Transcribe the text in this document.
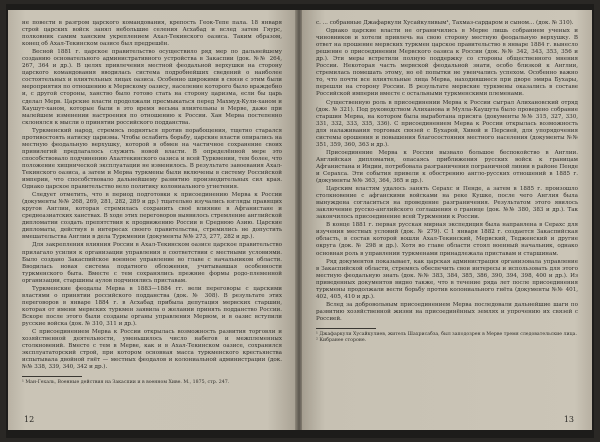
не повести в разгром царского командования, крепость Геок-Тепе пала. 18 января строй царских войск занял небольшие селения Асхабад и вслед затем Гяурс, полковник самим ханским укреплением Ахал-Текинского оазиса. Таким образом, конец об Ахал-Текинском оазисе был предрешён.

Весной 1881 г. царское правительство осуществило ряд мер по дальнейшему созданию основательного административного устройства в Закаспии (док. №№ 264, 267, 364 и др.). В целях привлечения местной феодальной верхушки на сторону царского командования вводилась система подробнейших сведений о наиболее состоятельных и влиятельных лицах оазиса. Особенно широкими в связи с этим были мероприятия по отношению к Мервскому оазису, население которого было враждебно и, с другой стороны, ханство было готово стать на сторону царизма, если бы царь сделал Мерв. Царские власти продолжали пресмыкаться перед Махмуд-Кули-ханом и Каушут-ханом, которые были в это время весьма влиятельны в Мерве, даже при малейшем изменении настроения по отношению к России. Хан Мерва постепенно склонялся к мысли о принятии российского подданства.

Туркменский народ, стремясь подняться против порабощения, тщетно старался противостоять натиску царизма. Чтобы ослабить борьбу, царские власти опирались на местную феодальную верхушку, которой в обмен на частичное сохранение своих привилегий предлагалось служить новой власти. В определённой мере это способствовало подчинению Ахалтекинского оазиса и всей Туркмении, тем более, что положение хищнической эксплуатации не изменилось. В результате завоевания Ахал-Текинского оазиса, а затем и Мерва туркмены были включены в систему Российской империи, что способствовало дальнейшему развитию производительных сил края. Однако царское правительство вело политику колониального угнетения.

Следует отметить, что в период подготовки к присоединению Мерва к России (документы №№ 268, 269, 281, 282, 289 и др.) тщательно изучались взгляды правящих кругов Англии, которая стремилась сохранить своё влияние в Афганистане и среднеазиатских ханствах. В ходе этих переговоров выявилось стремление английской дипломатии создать препятствия к продвижению России в Среднюю Азию. Царские дипломаты, действуя в интересах своего правительства, стремились не допустить вмешательства Англии в дела Туркмении (документы №№ 273, 277, 282 и др.).

Для закрепления влияния России в Ахал-Текинском оазисе царское правительство прилагало усилия к организации управления в соответствии с местными условиями. Было создано Закаспийское военное управление во главе с начальником области. Вводилась новая система податного обложения, учитывавшая особенности туркменского быта. Вместе с тем сохранялись прежние формы родо-племенной организации, старшины аулов подчинялись приставам.

Туркменские феодалы Мерва в 1883—1884 гг. вели переговоры с царскими властями о принятии российского подданства (док. № 308). В результате этих переговоров в январе 1884 г. в Асхабад прибыла депутация мервских старшин, которая от имени мервских туркмен заявила о желании принять подданство России. Вскоре после этого были созданы органы управления Мервом, и в оазис вступили русские войска (док. № 310, 311 и др.).

С присоединением Мерва к России открылась возможность развития торговли и хозяйственной деятельности, уменьшилось число набегов и межплеменных столкновений. Вместе с тем в Мерве, как и в Ахал-Текинском оазисе, сохранился эксплуататорский строй, при котором основная масса туркменского крестьянства испытывала двойной гнёт — местных феодалов и колониальной администрации (док. №№ 338, 339, 340, 342 и др.).

¹ Ман-Гехаль, Военные действия на Закаспии и в военном Хиве. М., 1875, стр. 247.

12

с. ... собранные Джафаркули Хусайкуливым¹, Тахмаз-сардаром и сыном... (док. № 310).

Однако царские власти не ограничились в Мерве лишь собранием ученых и чиновников и хотели привлечь на свою сторону местную феодальную верхушку. В ответ на прошение мервских туркмен царское правительство в январе 1884 г. вынесло решение о присоединении Мервского оазиса к России (док. №№ 342, 343, 353, 356 и др.). Эти меры встретили полную поддержку со стороны общественного мнения России. Некоторая часть мервской феодальной знати, особо близкой к Англии, стремилась помешать этому, но её попытки не увенчались успехом. Особенно важно то, что почти все влиятельные лица Мерва, находившиеся при дворе эмира Бухары, перешли на сторону России. В результате мервские туркмены оказались в составе Российской империи вместе с остальными туркменскими племенами.

Существенную роль в присоединении Мерва к России сыграл Алихановский отряд (док. № 321). Под руководством Алиханова и Мулла-Каушута было проведено собрание старшин Мерва, на котором была выработана присяга (документы №№ 315, 327, 330, 331, 332, 333, 335, 336). С присоединением Мерва к России открылась возможность для налаживания торговых связей с Бухарой, Хивой и Персией, для упорядочения системы орошения и повышения благосостояния местного населения (документы №№ 351, 359, 360, 363 и др.).

Присоединение Мерва к России вызвало большое беспокойство в Англии. Английская дипломатия, опасаясь приближения русских войск к границам Афганистана и Индии, потребовала разграничения пограничной линии в районе Пенде и Серахса. Эти события привели к обострению англо-русских отношений в 1885 г. (документы №№ 363, 364, 365 и др.).

Царским властям удалось занять Серахс и Пенде, а затем в 1885 г. произошло столкновение с афганскими войсками на реке Кушке, после чего Англия была вынуждена согласиться на проведение разграничения. Результатом этого явилось заключение русско-английского соглашения о границе (док. №№ 380, 383 и др.). Так закончилось присоединение всей Туркмении к России.

В конце 1881 г. первая русская мирная экспедиция была направлена в Серахс для изучения местных условий (док. № 279). С 1 января 1882 г. создается Закаспийская область, в состав которой вошли Ахал-Текинский, Мервский, Тедженский и другие округа (док. № 298 и др.). Хотя во главе области стоял военный начальник, однако основная роль в управлении туркменами принадлежала приставам и старшинам.

Ряд документов показывает, как царская администрация организовала управление в Закаспийской области, стремясь обеспечить свои интересы и использовать для этого местную феодальную знать (док. №№ 383, 384, 385, 386, 390, 394, 398, 400 и др.). Из приведенных документов видно также, что в течение ряда лет после присоединения туркмены продолжали вести борьбу против колониального гнёта (документы №№ 401, 402, 405, 410 и др.).

Вслед за добровольным присоединением Мерва последовали дальнейшие шаги по развитию хозяйственной жизни на присоединённых землях и упрочению их связей с Россией.

¹ Джафаркули Хусайкулиев, житель Шахрисабза, был заподозрен в Мерве тремя следовательские лица.

² Кибранее стороне.

13
